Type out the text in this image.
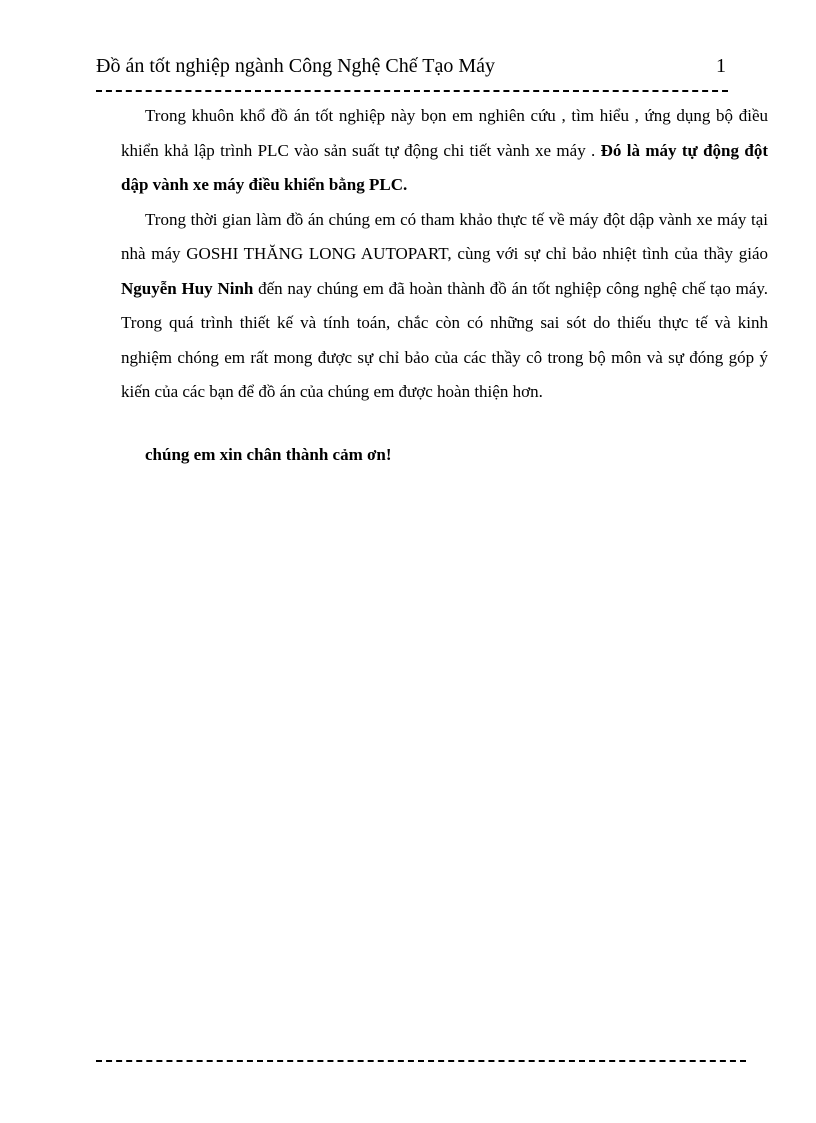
Đồ án tốt nghiệp ngành Công Nghệ Chế Tạo Máy	1

Trong khuôn khổ đồ án tốt nghiệp này bọn em nghiên cứu , tìm hiểu , ứng dụng bộ điều khiển khả lập trình PLC vào sản suất tự động chi tiết vành xe máy . Đó là máy tự động đột dập vành xe máy điều khiển bằng PLC.

Trong thời gian làm đồ án chúng em có tham khảo thực tế về máy đột dập vành xe máy tại nhà máy GOSHI THĂNG LONG AUTOPART, cùng với sự chỉ bảo nhiệt tình của thầy giáo Nguyễn Huy Ninh đến nay chúng em đã hoàn thành đồ án tốt nghiệp công nghệ chế tạo máy. Trong quá trình thiết kế và tính toán, chắc còn có những sai sót do thiếu thực tế và kinh nghiệm chóng em rất mong được sự chỉ bảo của các thầy cô trong bộ môn và sự đóng góp ý kiến của các bạn để đồ án của chúng em được hoàn thiện hơn.

chúng em xin chân thành cảm ơn!
